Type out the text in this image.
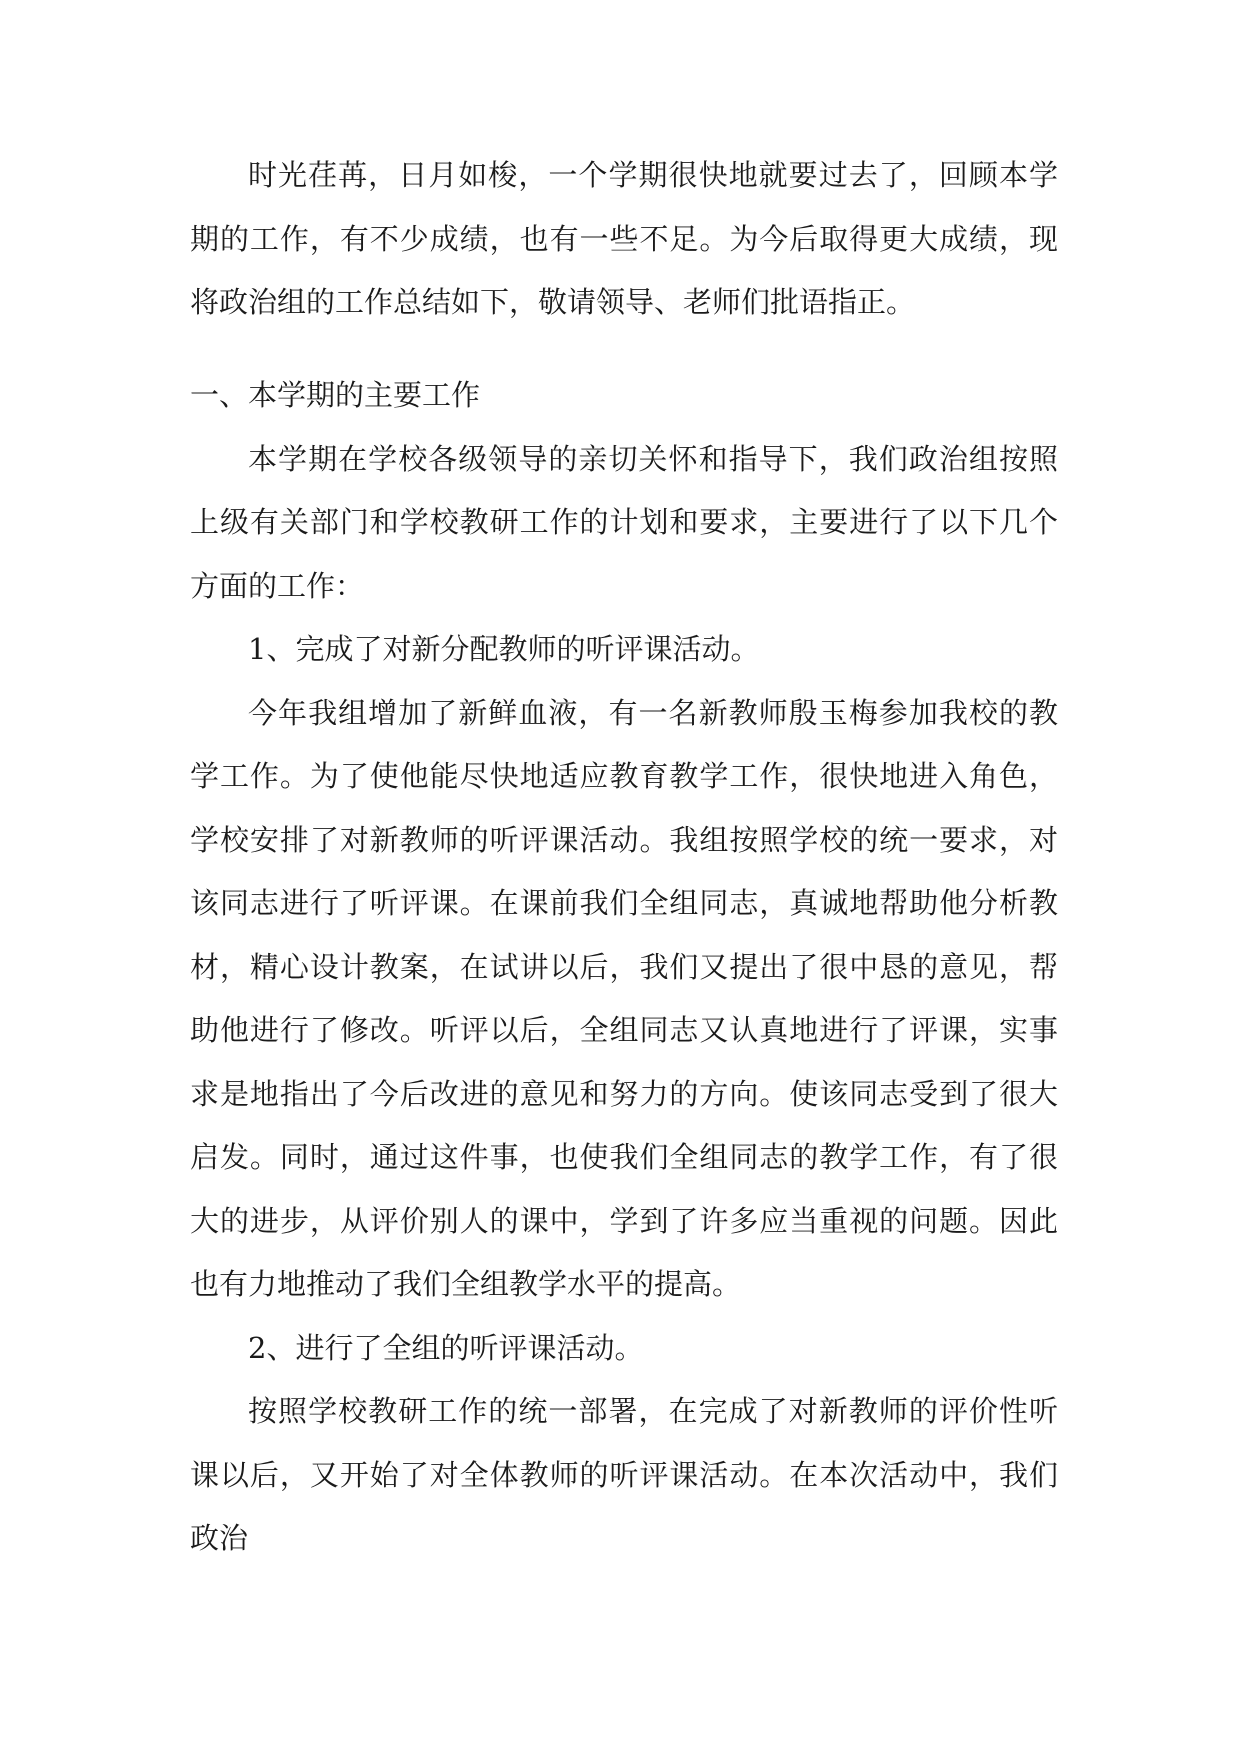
时光荏苒，日月如梭，一个学期很快地就要过去了，回顾本学期的工作，有不少成绩，也有一些不足。为今后取得更大成绩，现将政治组的工作总结如下，敬请领导、老师们批语指正。

一、本学期的主要工作

本学期在学校各级领导的亲切关怀和指导下，我们政治组按照上级有关部门和学校教研工作的计划和要求，主要进行了以下几个方面的工作：

1、完成了对新分配教师的听评课活动。

今年我组增加了新鲜血液，有一名新教师殷玉梅参加我校的教学工作。为了使他能尽快地适应教育教学工作，很快地进入角色，学校安排了对新教师的听评课活动。我组按照学校的统一要求，对该同志进行了听评课。在课前我们全组同志，真诚地帮助他分析教材，精心设计教案，在试讲以后，我们又提出了很中恳的意见，帮助他进行了修改。听评以后，全组同志又认真地进行了评课，实事求是地指出了今后改进的意见和努力的方向。使该同志受到了很大启发。同时，通过这件事，也使我们全组同志的教学工作，有了很大的进步，从评价别人的课中，学到了许多应当重视的问题。因此也有力地推动了我们全组教学水平的提高。

2、进行了全组的听评课活动。

按照学校教研工作的统一部署，在完成了对新教师的评价性听课以后，又开始了对全体教师的听评课活动。在本次活动中，我们政治
